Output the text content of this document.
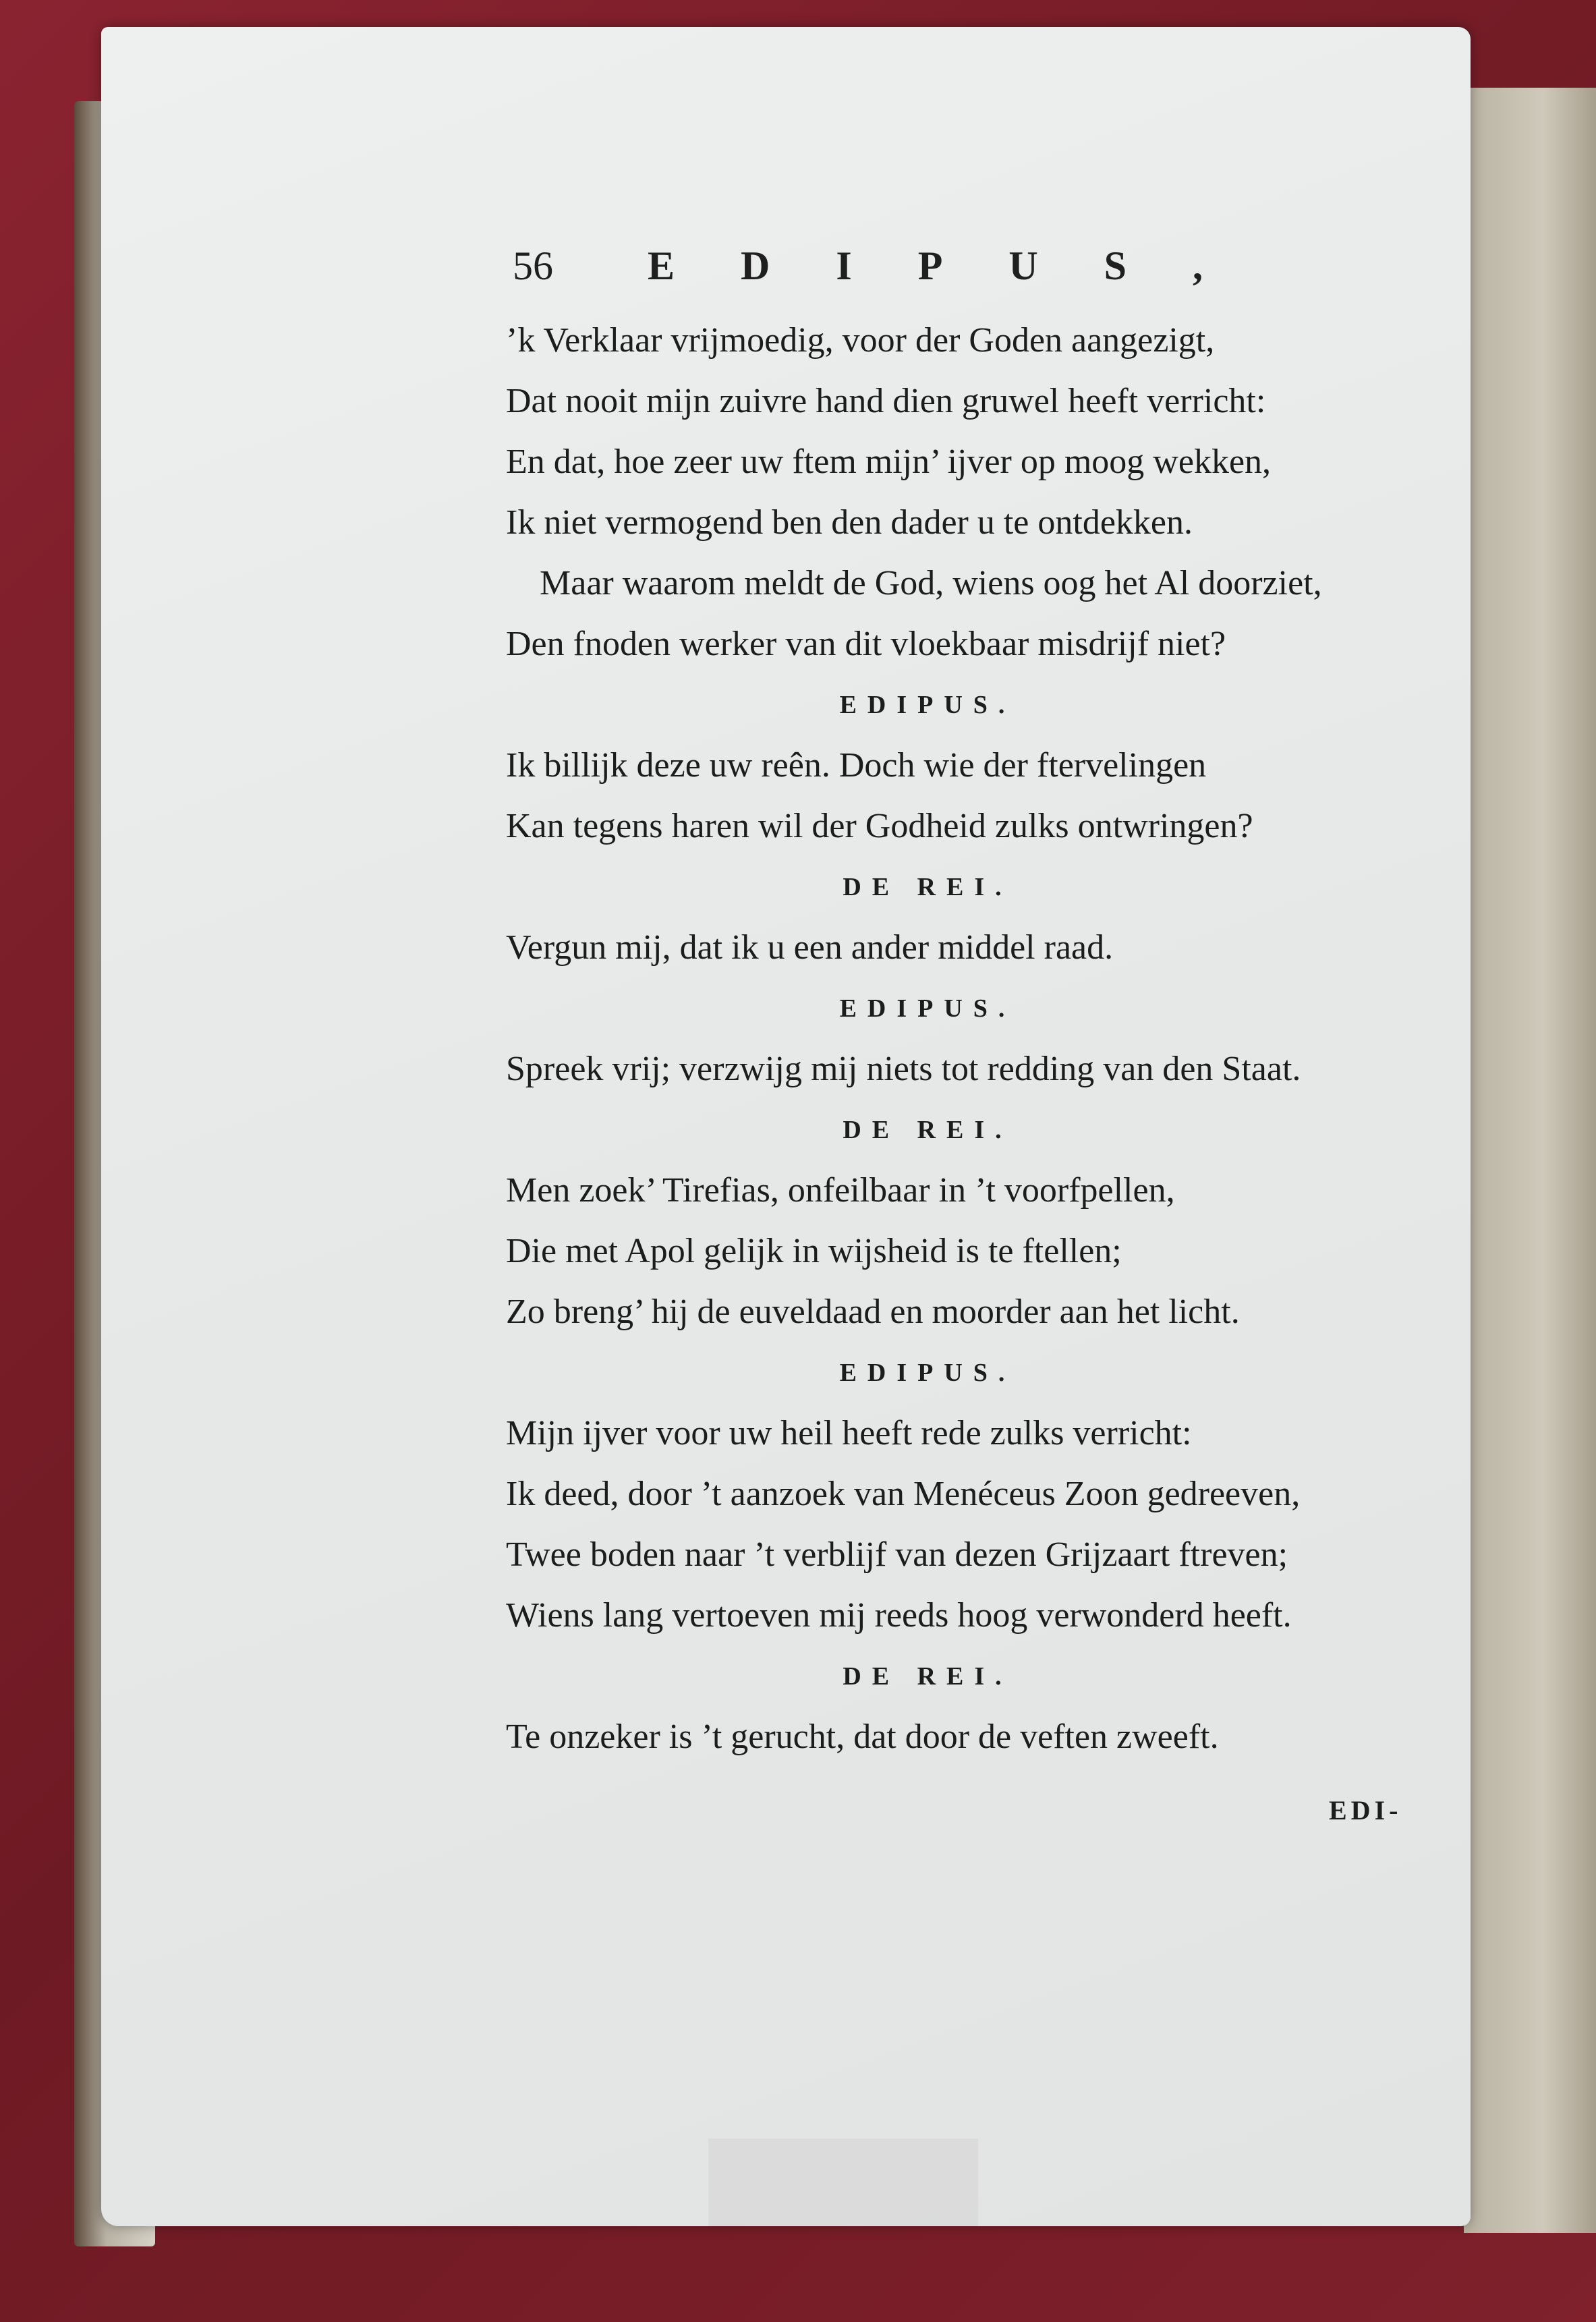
56 EDIPUS,
’k Verklaar vrijmoedig, voor der Goden aangezigt,
Dat nooit mijn zuivre hand dien gruwel heeft verricht:
En dat, hoe zeer uw ftem mijn’ ijver op moog wekken,
Ik niet vermogend ben den dader u te ontdekken.
Maar waarom meldt de God, wiens oog het Al doorziet,
Den fnoden werker van dit vloekbaar misdrijf niet?
EDIPUS.
Ik billijk deze uw reên. Doch wie der ftervelingen
Kan tegens haren wil der Godheid zulks ontwringen?
DE REI.
Vergun mij, dat ik u een ander middel raad.
EDIPUS.
Spreek vrij; verzwijg mij niets tot redding van den Staat.
DE REI.
Men zoek’ Tirefias, onfeilbaar in ’t voorfpellen,
Die met Apol gelijk in wijsheid is te ftellen;
Zo breng’ hij de euveldaad en moorder aan het licht.
EDIPUS.
Mijn ijver voor uw heil heeft rede zulks verricht:
Ik deed, door ’t aanzoek van Menéceus Zoon gedreeven,
Twee boden naar ’t verblijf van dezen Grijzaart ftreven;
Wiens lang vertoeven mij reeds hoog verwonderd heeft.
DE REI.
Te onzeker is ’t gerucht, dat door de veften zweeft.
EDI-
